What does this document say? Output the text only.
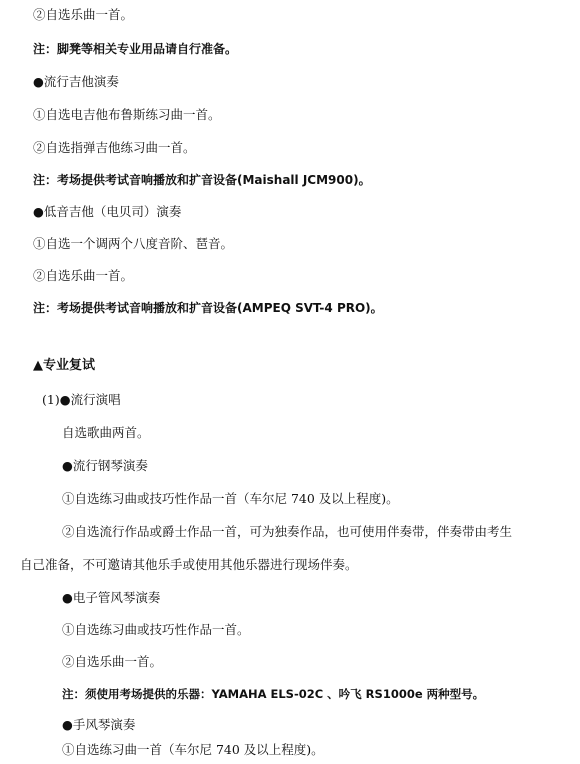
②自选乐曲一首。
注：脚凳等相关专业用品请自行准备。
●流行吉他演奏
①自选电吉他布鲁斯练习曲一首。
②自选指弹吉他练习曲一首。
注：考场提供考试音响播放和扩音设备(Maishall JCM900)。
●低音吉他（电贝司）演奏
①自选一个调两个八度音阶、琶音。
②自选乐曲一首。
注：考场提供考试音响播放和扩音设备(AMPEQ SVT-4 PRO)。
▲专业复试
(1)●流行演唱
自选歌曲两首。
●流行钢琴演奏
①自选练习曲或技巧性作品一首（车尔尼 740 及以上程度)。
②自选流行作品或爵士作品一首，可为独奏作品，也可使用伴奏带，伴奏带由考生
自己准备，不可邀请其他乐手或使用其他乐器进行现场伴奏。
●电子管风琴演奏
①自选练习曲或技巧性作品一首。
②自选乐曲一首。
注：须使用考场提供的乐器：YAMAHA ELS-02C 、吟飞 RS1000e 两种型号。
●手风琴演奏
①自选练习曲一首（车尔尼 740 及以上程度)。
